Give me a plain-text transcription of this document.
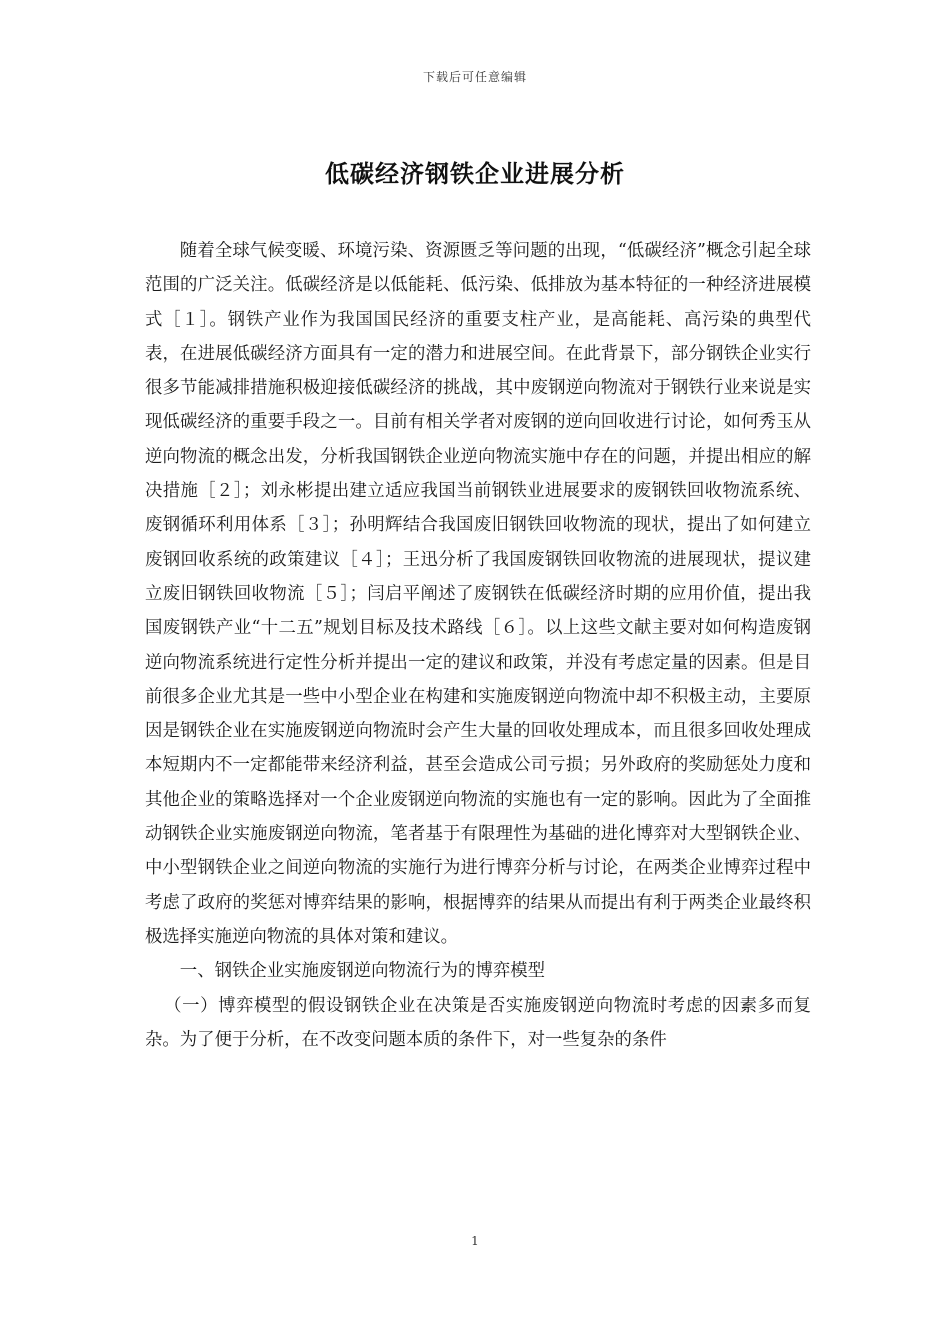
下载后可任意编辑
低碳经济钢铁企业进展分析

随着全球气候变暖、环境污染、资源匮乏等问题的出现，“低碳经济”概念引起全球范围的广泛关注。低碳经济是以低能耗、低污染、低排放为基本特征的一种经济进展模式［１］。钢铁产业作为我国国民经济的重要支柱产业，是高能耗、高污染的典型代表，在进展低碳经济方面具有一定的潜力和进展空间。在此背景下，部分钢铁企业实行很多节能减排措施积极迎接低碳经济的挑战，其中废钢逆向物流对于钢铁行业来说是实现低碳经济的重要手段之一。目前有相关学者对废钢的逆向回收进行讨论，如何秀玉从逆向物流的概念出发，分析我国钢铁企业逆向物流实施中存在的问题，并提出相应的解决措施［２］；刘永彬提出建立适应我国当前钢铁业进展要求的废钢铁回收物流系统、废钢循环利用体系［３］；孙明辉结合我国废旧钢铁回收物流的现状，提出了如何建立废钢回收系统的政策建议［４］；王迅分析了我国废钢铁回收物流的进展现状，提议建立废旧钢铁回收物流［５］；闫启平阐述了废钢铁在低碳经济时期的应用价值，提出我国废钢铁产业“十二五”规划目标及技术路线［６］。以上这些文献主要对如何构造废钢逆向物流系统进行定性分析并提出一定的建议和政策，并没有考虑定量的因素。但是目前很多企业尤其是一些中小型企业在构建和实施废钢逆向物流中却不积极主动，主要原因是钢铁企业在实施废钢逆向物流时会产生大量的回收处理成本，而且很多回收处理成本短期内不一定都能带来经济利益，甚至会造成公司亏损；另外政府的奖励惩处力度和其他企业的策略选择对一个企业废钢逆向物流的实施也有一定的影响。因此为了全面推动钢铁企业实施废钢逆向物流，笔者基于有限理性为基础的进化博弈对大型钢铁企业、中小型钢铁企业之间逆向物流的实施行为进行博弈分析与讨论，在两类企业博弈过程中考虑了政府的奖惩对博弈结果的影响，根据博弈的结果从而提出有利于两类企业最终积极选择实施逆向物流的具体对策和建议。

一、钢铁企业实施废钢逆向物流行为的博弈模型

（一）博弈模型的假设钢铁企业在决策是否实施废钢逆向物流时考虑的因素多而复杂。为了便于分析，在不改变问题本质的条件下，对一些复杂的条件

1
